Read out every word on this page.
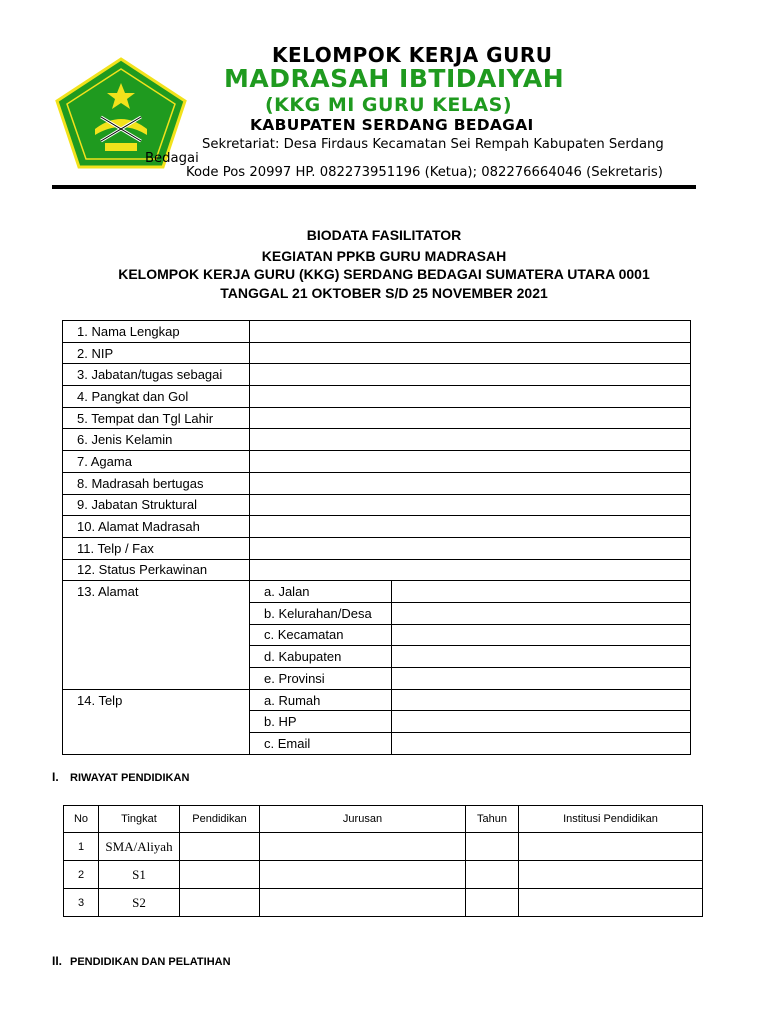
KELOMPOK KERJA GURU
MADRASAH IBTIDAIYAH
(KKG MI GURU KELAS)
KABUPATEN SERDANG BEDAGAI
Sekretariat: Desa Firdaus Kecamatan Sei Rempah Kabupaten Serdang
Bedagai
Kode Pos 20997 HP. 082273951196 (Ketua); 082276664046 (Sekretaris)
BIODATA FASILITATOR
KEGIATAN PPKB GURU MADRASAH
KELOMPOK KERJA GURU (KKG) SERDANG BEDAGAI SUMATERA UTARA 0001
TANGGAL 21 OKTOBER S/D 25 NOVEMBER 2021
1. Nama Lengkap		
2. NIP		
3. Jabatan/tugas sebagai		
4. Pangkat dan Gol		
5. Tempat dan Tgl Lahir		
6. Jenis Kelamin		
7. Agama		
8. Madrasah bertugas		
9. Jabatan Struktural		
10. Alamat Madrasah		
11. Telp / Fax		
12. Status Perkawinan		
13. Alamat	a. Jalan	
	b. Kelurahan/Desa	
	c. Kecamatan	
	d. Kabupaten	
	e. Provinsi	
14. Telp	a. Rumah	
	b. HP	
	c. Email	
I. RIWAYAT PENDIDIKAN
No	Tingkat	Pendidikan	Jurusan	Tahun	Institusi Pendidikan
1	SMA/Aliyah				
2	S1				
3	S2				
II. PENDIDIKAN DAN PELATIHAN
